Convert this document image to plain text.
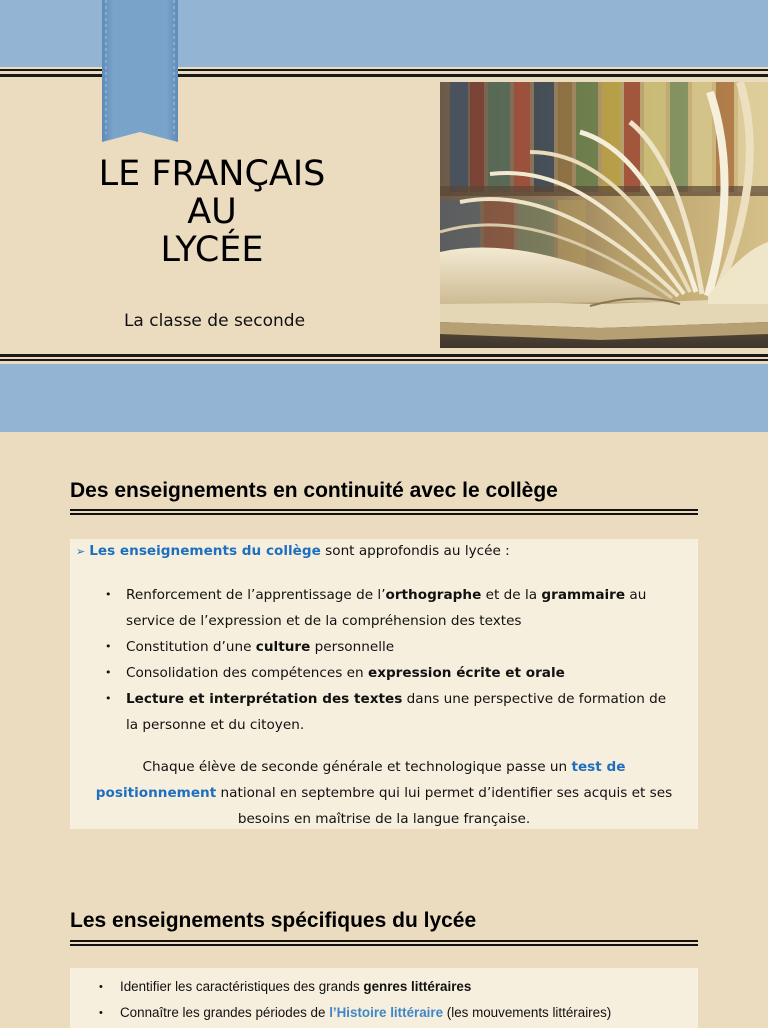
LE FRANÇAIS
AU
LYCÉE
La classe de seconde
Des enseignements en continuité avec le collège
➢ Les enseignements du collège sont approfondis au lycée :
• Renforcement de l’apprentissage de l’orthographe et de la grammaire au
service de l’expression et de la compréhension des textes
• Constitution d’une culture personnelle
• Consolidation des compétences en expression écrite et orale
• Lecture et interprétation des textes dans une perspective de formation de
la personne et du citoyen.
Chaque élève de seconde générale et technologique passe un test de
positionnement national en septembre qui lui permet d’identifier ses acquis et ses
besoins en maîtrise de la langue française.
Les enseignements spécifiques du lycée
• Identifier les caractéristiques des grands genres littéraires
• Connaître les grandes périodes de l’Histoire littéraire (les mouvements littéraires)
